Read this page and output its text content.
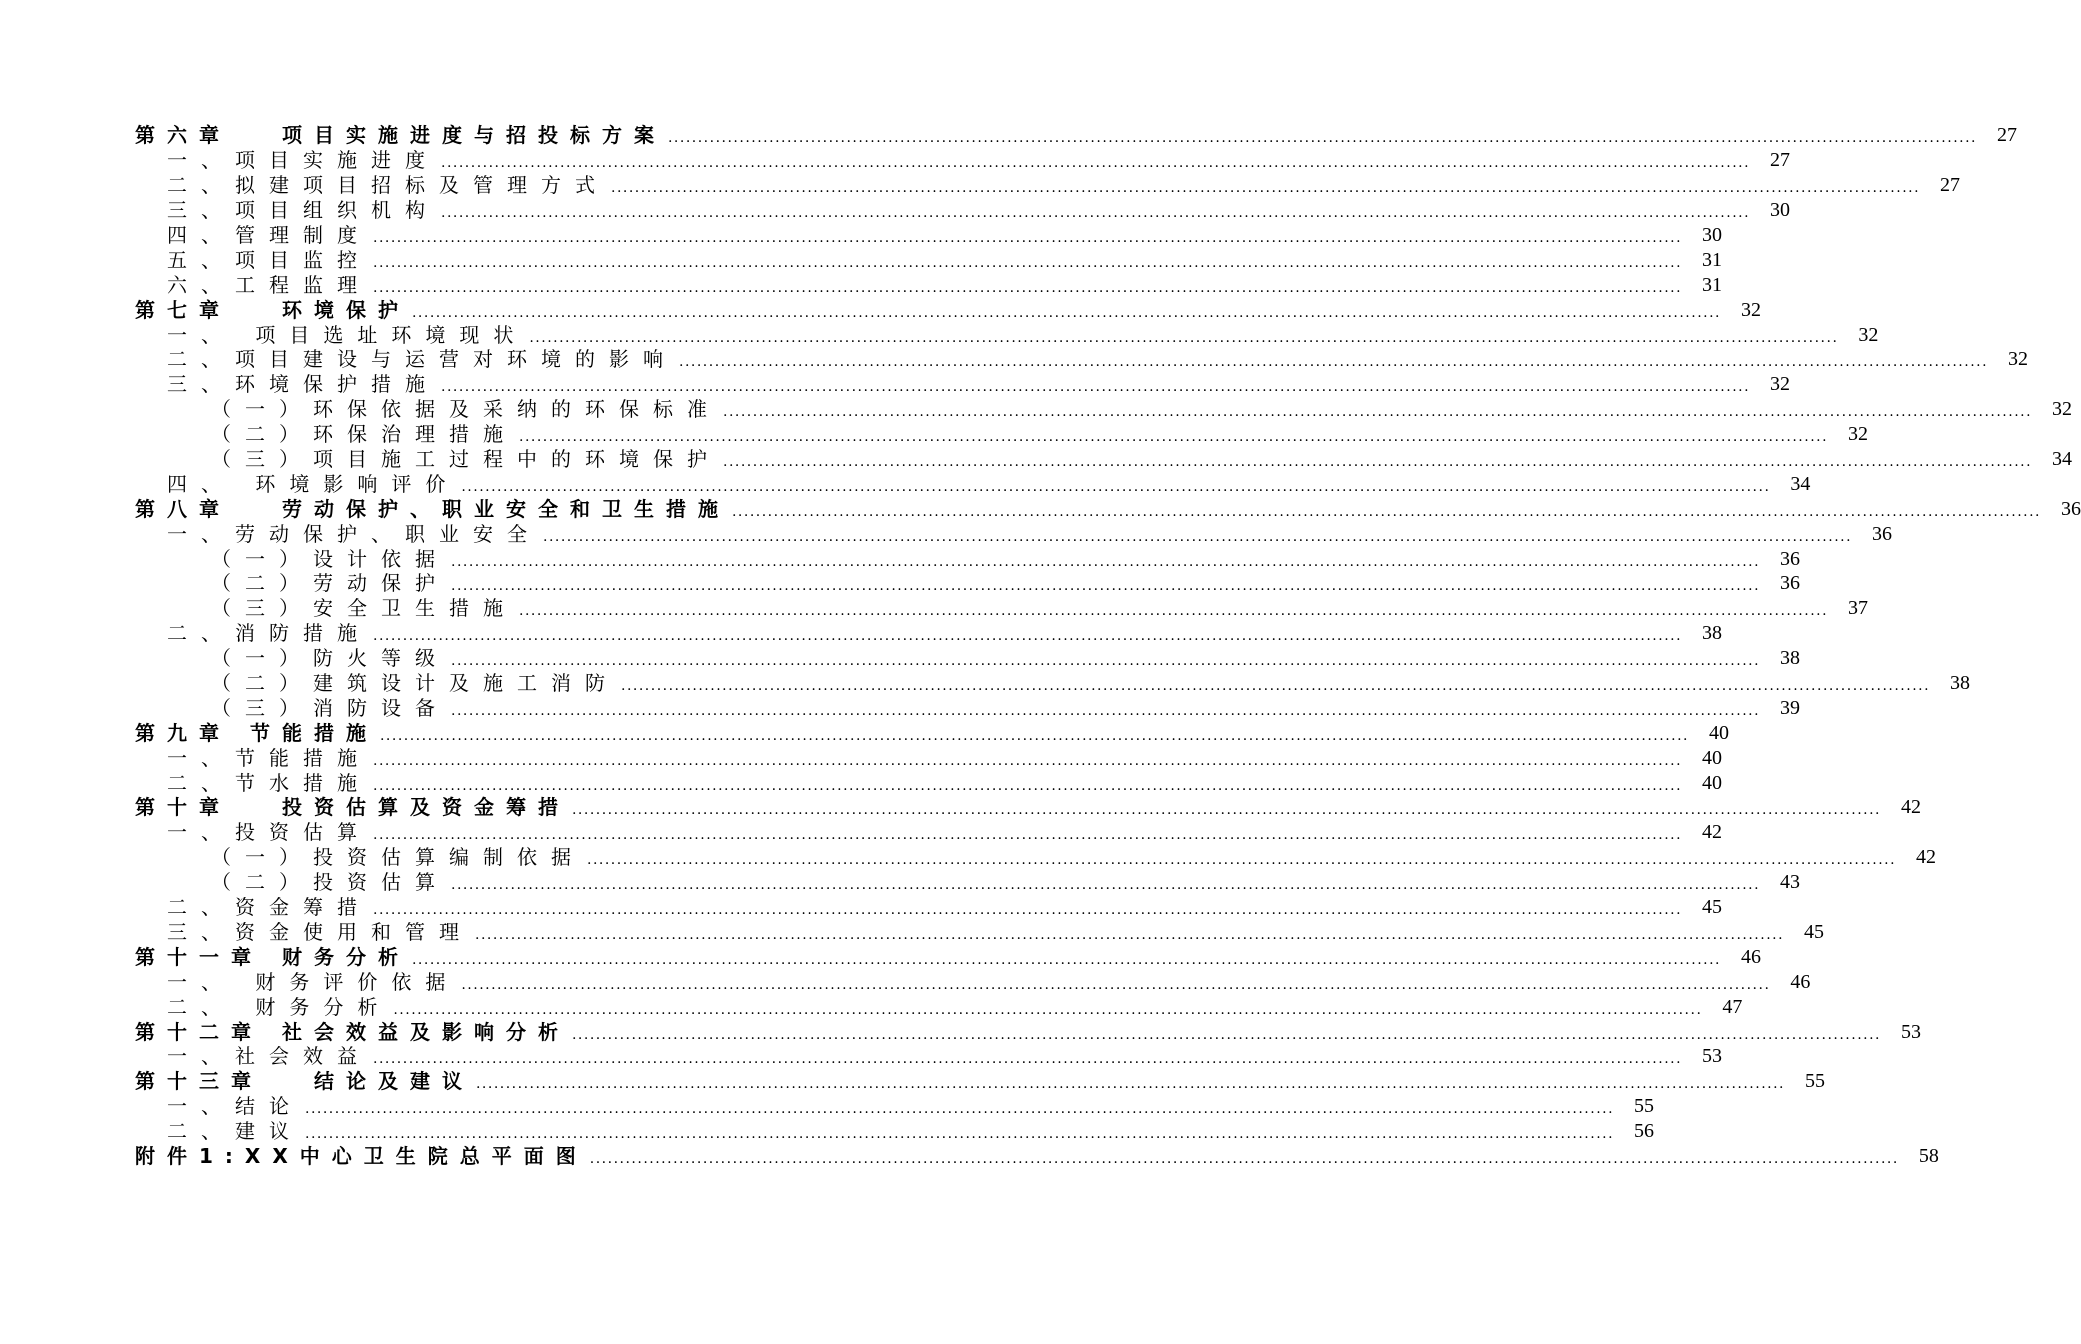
第六章　 项目实施进度与招投标方案 ............................................................................................................................................................................................................................	27
一、项目实施进度 ............................................................................................................................................................................................................................	27
二、拟建项目招标及管理方式 ............................................................................................................................................................................................................................	27
三、项目组织机构 ............................................................................................................................................................................................................................	30
四、管理制度 ............................................................................................................................................................................................................................	30
五、项目监控 ............................................................................................................................................................................................................................	31
六、工程监理 ............................................................................................................................................................................................................................	31
第七章　 环境保护 ............................................................................................................................................................................................................................	32
一、 项目选址环境现状 ............................................................................................................................................................................................................................	32
二、项目建设与运营对环境的影响 ............................................................................................................................................................................................................................	32
三、环境保护措施 ............................................................................................................................................................................................................................	32
（一）环保依据及采纳的环保标准 ............................................................................................................................................................................................................................	32
（二）环保治理措施 ............................................................................................................................................................................................................................	32
（三）项目施工过程中的环境保护 ............................................................................................................................................................................................................................	34
四、 环境影响评价 ............................................................................................................................................................................................................................	34
第八章　 劳动保护、职业安全和卫生措施 ............................................................................................................................................................................................................................	36
一、劳动保护、职业安全 ............................................................................................................................................................................................................................	36
（一）设计依据 ............................................................................................................................................................................................................................	36
（二）劳动保护 ............................................................................................................................................................................................................................	36
（三）安全卫生措施 ............................................................................................................................................................................................................................	37
二、消防措施 ............................................................................................................................................................................................................................	38
（一）防火等级 ............................................................................................................................................................................................................................	38
（二）建筑设计及施工消防 ............................................................................................................................................................................................................................	38
（三）消防设备 ............................................................................................................................................................................................................................	39
第九章 节能措施 ............................................................................................................................................................................................................................	40
一、节能措施 ............................................................................................................................................................................................................................	40
二、节水措施 ............................................................................................................................................................................................................................	40
第十章　 投资估算及资金筹措 ............................................................................................................................................................................................................................	42
一、投资估算 ............................................................................................................................................................................................................................	42
（一）投资估算编制依据 ............................................................................................................................................................................................................................	42
（二）投资估算 ............................................................................................................................................................................................................................	43
二、资金筹措 ............................................................................................................................................................................................................................	45
三、资金使用和管理 ............................................................................................................................................................................................................................	45
第十一章 财务分析 ............................................................................................................................................................................................................................	46
一、 财务评价依据 ............................................................................................................................................................................................................................	46
二、 财务分析 ............................................................................................................................................................................................................................	47
第十二章 社会效益及影响分析 ............................................................................................................................................................................................................................	53
一、社会效益 ............................................................................................................................................................................................................................	53
第十三章　 结论及建议 ............................................................................................................................................................................................................................	55
一、结论 ............................................................................................................................................................................................................................	55
二、建议 ............................................................................................................................................................................................................................	56
附件1:XX中心卫生院总平面图 ............................................................................................................................................................................................................................	58
